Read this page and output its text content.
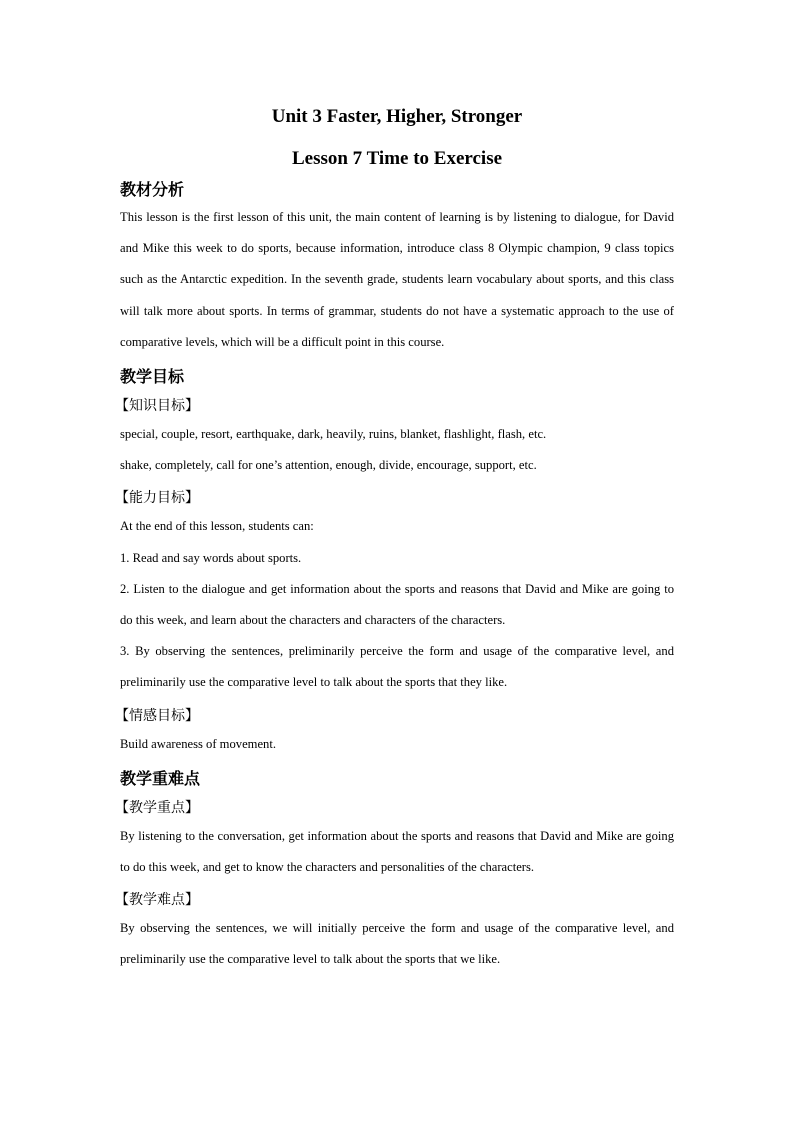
Unit 3 Faster, Higher, Stronger
Lesson 7 Time to Exercise
教材分析

This lesson is the first lesson of this unit, the main content of learning is by listening to dialogue, for David and Mike this week to do sports, because information, introduce class 8 Olympic champion, 9 class topics such as the Antarctic expedition. In the seventh grade, students learn vocabulary about sports, and this class will talk more about sports. In terms of grammar, students do not have a systematic approach to the use of comparative levels, which will be a difficult point in this course.

教学目标
【知识目标】

special, couple, resort, earthquake, dark, heavily, ruins, blanket, flashlight, flash, etc.

shake, completely, call for one’s attention, enough, divide, encourage, support, etc.

【能力目标】

At the end of this lesson, students can:

1. Read and say words about sports.

2. Listen to the dialogue and get information about the sports and reasons that David and Mike are going to do this week, and learn about the characters and characters of the characters.

3. By observing the sentences, preliminarily perceive the form and usage of the comparative level, and preliminarily use the comparative level to talk about the sports that they like.

【情感目标】

Build awareness of movement.

教学重难点
【教学重点】

By listening to the conversation, get information about the sports and reasons that David and Mike are going to do this week, and get to know the characters and personalities of the characters.

【教学难点】

By observing the sentences, we will initially perceive the form and usage of the comparative level, and preliminarily use the comparative level to talk about the sports that we like.
